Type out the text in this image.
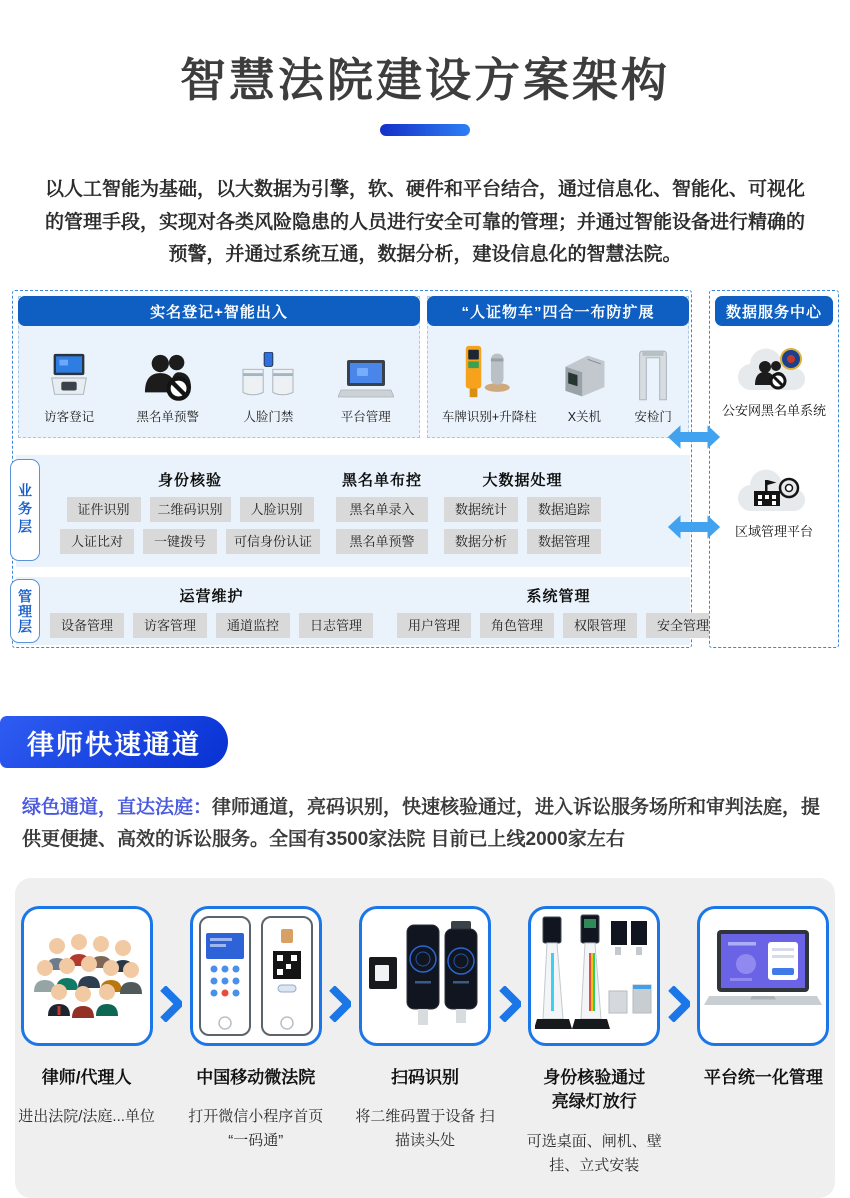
智慧法院建设方案架构

以人工智能为基础，以大数据为引擎，软、硬件和平台结合，通过信息化、智能化、可视化的管理手段，实现对各类风险隐患的人员进行安全可靠的管理；并通过智能设备进行精确的预警，并通过系统互通，数据分析，建设信息化的智慧法院。

实名登记+智能出入
访客登记	黑名单预警	人脸门禁	平台管理
“人证物车”四合一布防扩展
车牌识别+升降柱 X关机	安检门
身份核验
证件识别	二维码识别	人脸识别
人证比对	一键拨号	可信身份认证
黑名单布控
黑名单录入
黑名单预警
大数据处理
数据统计	数据追踪
数据分析	数据管理
运营维护
设备管理	访客管理	通道监控	日志管理
系统管理
用户管理	角色管理	权限管理	安全管理
业务层
管理层
数据服务中心
公安网黑名单系统
区域管理平台
律师快速通道

绿色通道，直达法庭：律师通道，亮码识别，快速核验通过，进入诉讼服务场所和审判法庭，提供更便捷、高效的诉讼服务。全国有3500家法院 目前已上线2000家左右

律师/代理人
进出法院/法庭...单位
中国移动微法院
打开微信小程序首页 “一码通”
扫码识别
将二维码置于设备 扫描读头处
身份核验通过亮绿灯放行
可选桌面、闸机、壁挂、立式安装
平台统一化管理
